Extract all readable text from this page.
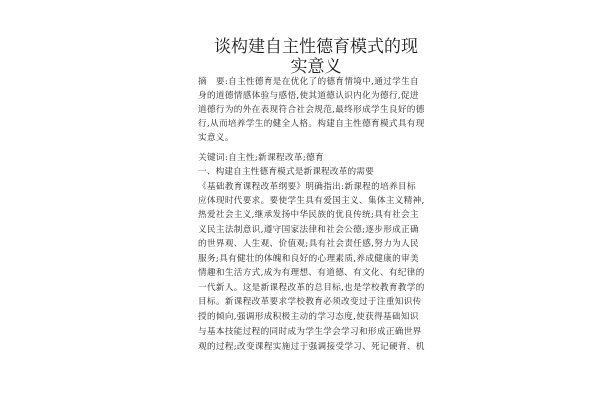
谈构建自主性德育模式的现
实意义
摘　要:自主性德育是在优化了的德育情境中,通过学生自
身的道德情感体验与感悟,使其道德认识内化为德行,促进
道德行为的外在表现符合社会规范,最终形成学生良好的德
行,从而培养学生的健全人格。构建自主性德育模式具有现
实意义。
关键词:自主性;新课程改革;德育
一、构建自主性德育模式是新课程改革的需要
《基础教育课程改革纲要》明确指出:新课程的培养目标
应体现时代要求。要使学生具有爱国主义、集体主义精神,
热爱社会主义,继承发扬中华民族的优良传统;具有社会主
义民主法制意识,遵守国家法律和社会公德;逐步形成正确
的世界观、人生观、价值观;具有社会责任感,努力为人民
服务;具有健壮的体魄和良好的心理素质,养成健康的审美
情趣和生活方式,成为有理想、有道德、有文化、有纪律的
一代新人。这是新课程改革的总目标,也是学校教育教学的
目标。新课程改革要求学校教育必须改变过于注重知识传
授的倾向,强调形成积极主动的学习态度,使获得基础知识
与基本技能过程的同时成为学生学会学习和形成正确世界
观的过程;改变课程实施过于强调接受学习、死记硬背、机
